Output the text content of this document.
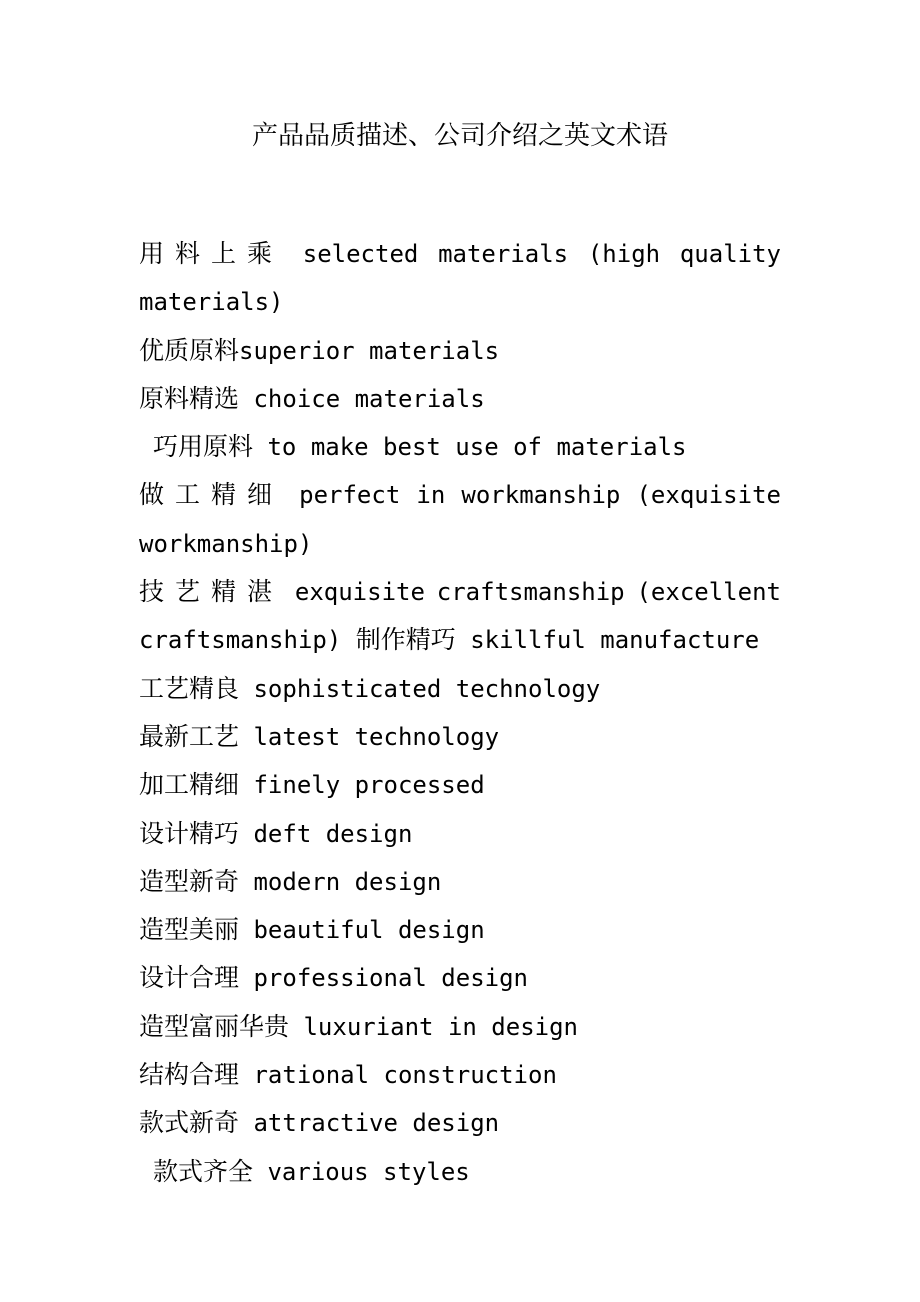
产品品质描述、公司介绍之英文术语
用料上乘 selected materials (high quality
materials)
优质原料superior materials
原料精选 choice materials
巧用原料 to make best use of materials
做工精细 perfect in workmanship (exquisite
workmanship)
技艺精湛 exquisite craftsmanship (excellent
craftsmanship) 制作精巧 skillful manufacture
工艺精良 sophisticated technology
最新工艺 latest technology
加工精细 finely processed
设计精巧 deft design
造型新奇 modern design
造型美丽 beautiful design
设计合理 professional design
造型富丽华贵 luxuriant in design
结构合理 rational construction
款式新奇 attractive design
款式齐全 various styles
